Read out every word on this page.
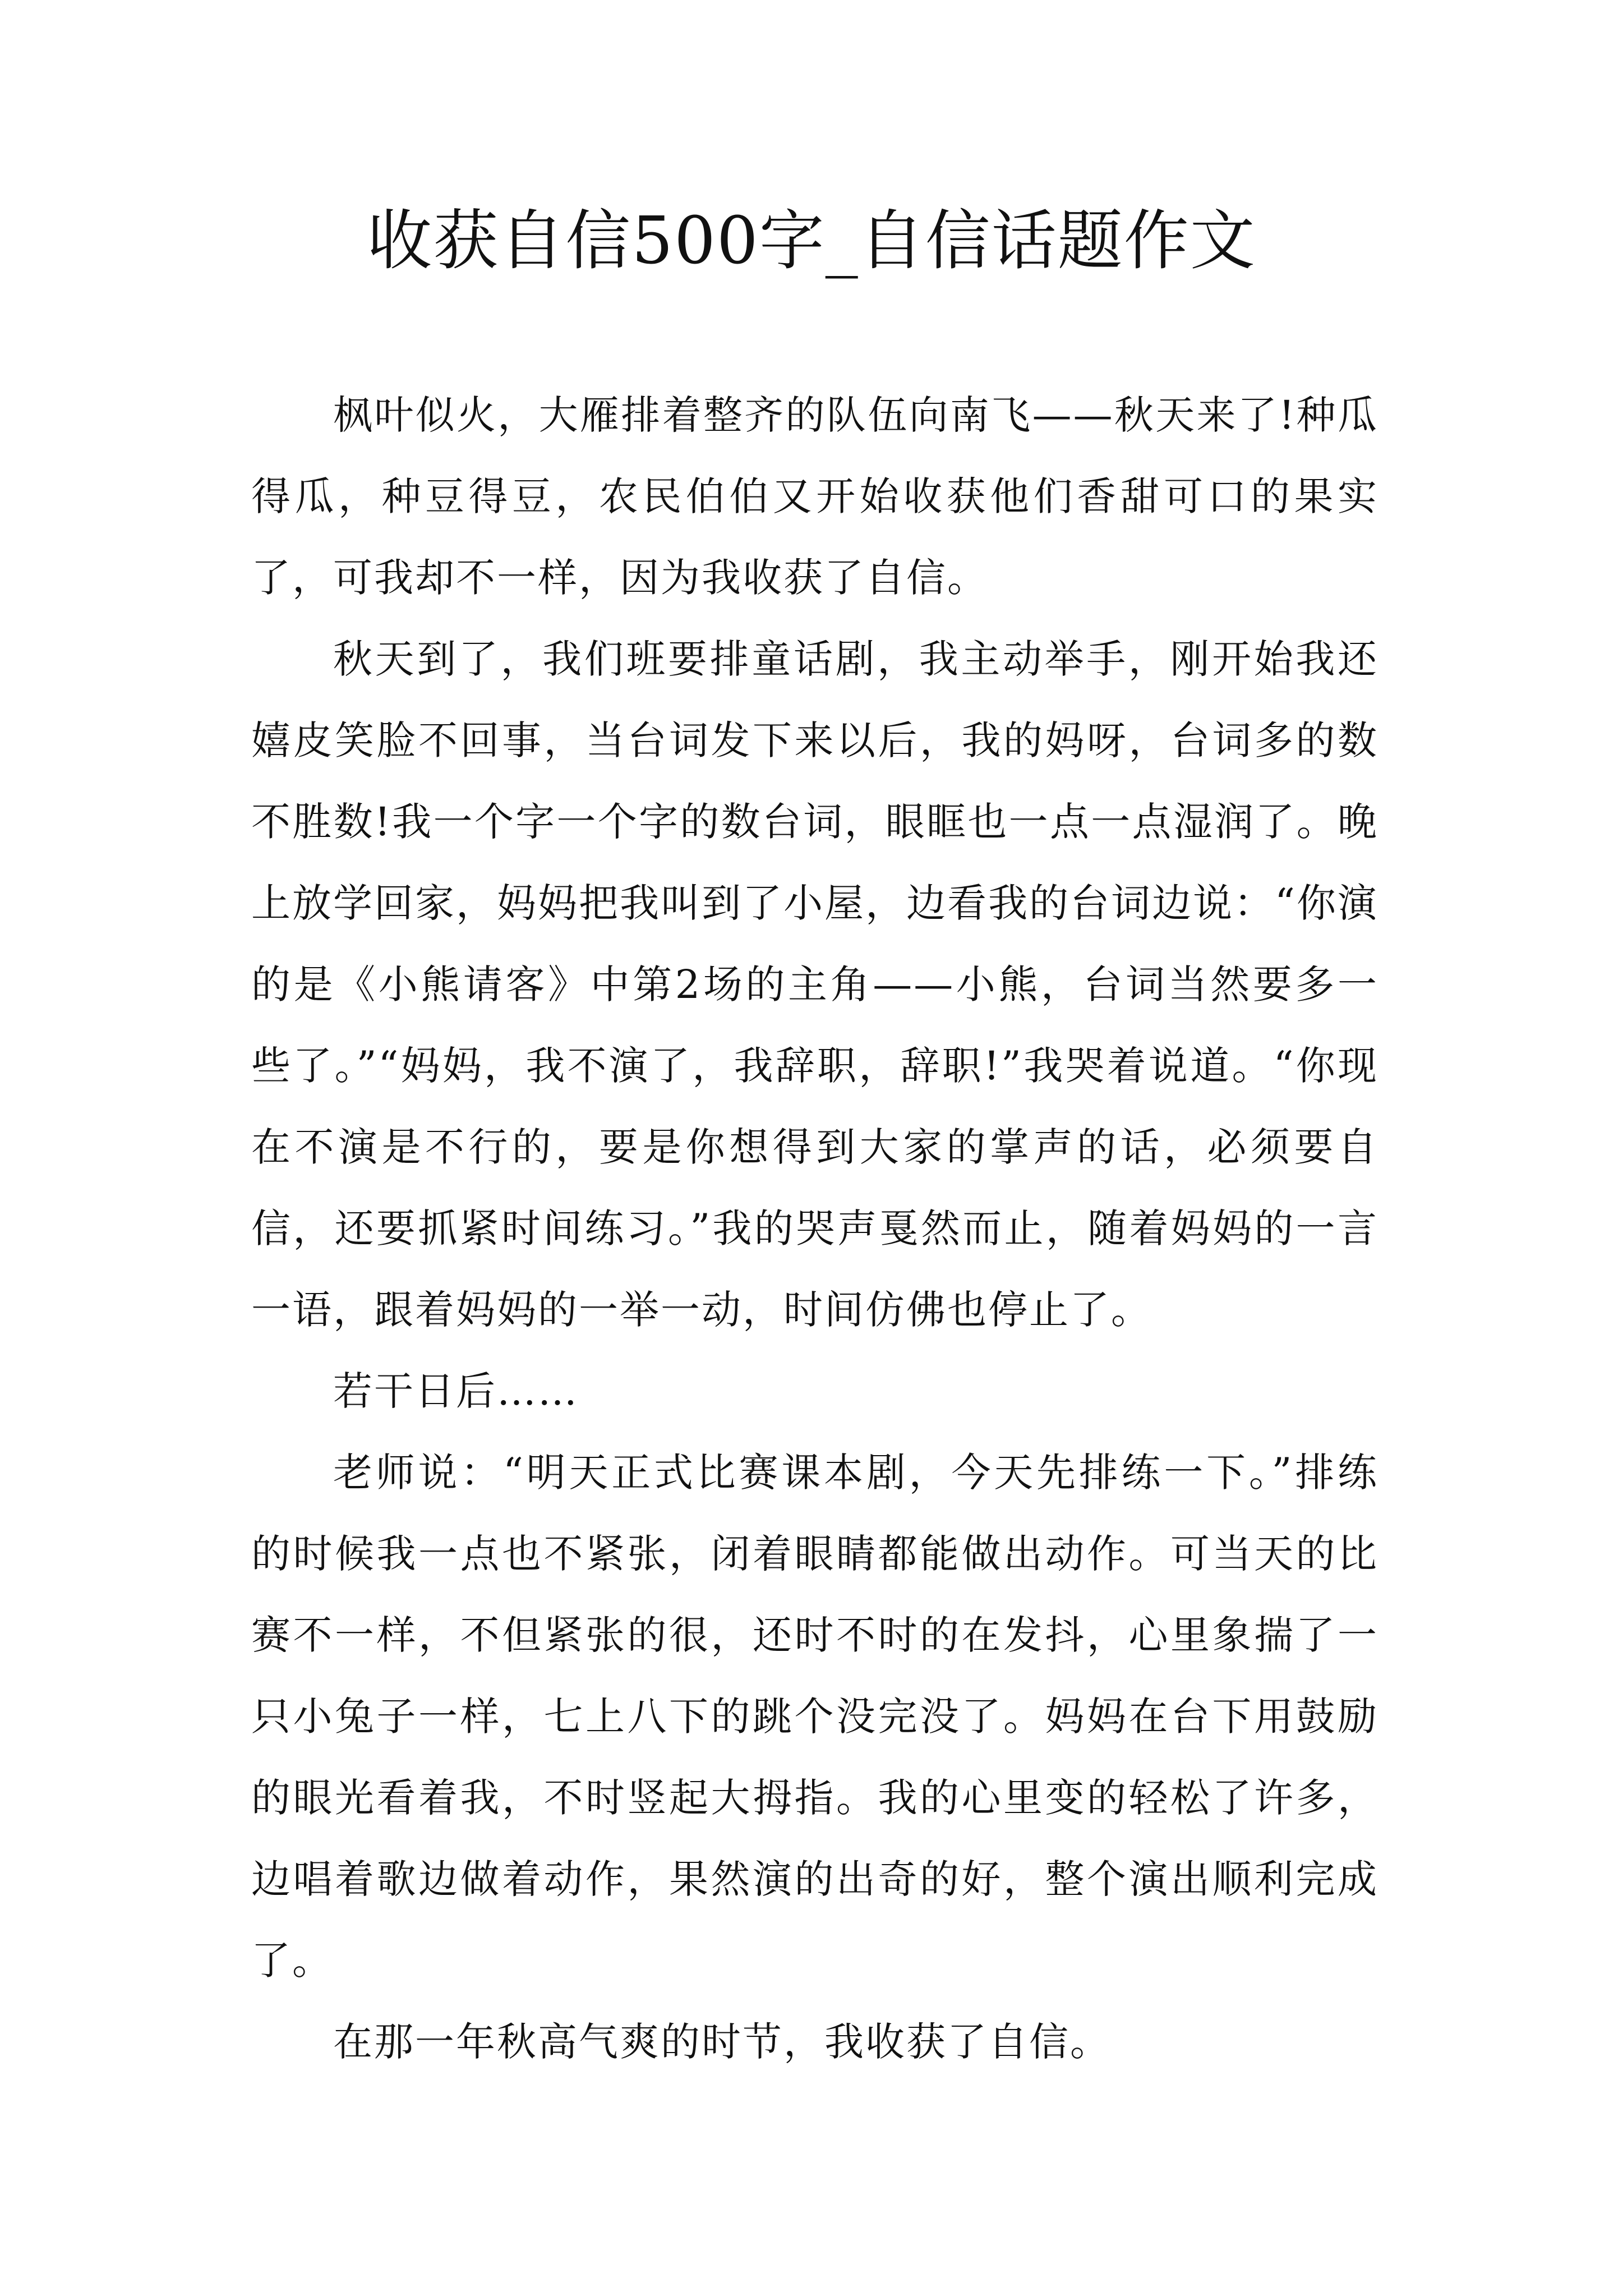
收获自信500字_自信话题作文

枫叶似火，大雁排着整齐的队伍向南飞——秋天来了!种瓜得瓜，种豆得豆，农民伯伯又开始收获他们香甜可口的果实了，可我却不一样，因为我收获了自信。

秋天到了，我们班要排童话剧，我主动举手，刚开始我还嬉皮笑脸不回事，当台词发下来以后，我的妈呀，台词多的数不胜数!我一个字一个字的数台词，眼眶也一点一点湿润了。晚上放学回家，妈妈把我叫到了小屋，边看我的台词边说：“你演的是《小熊请客》中第2场的主角——小熊，台词当然要多一些了。”“妈妈，我不演了，我辞职，辞职!”我哭着说道。“你现在不演是不行的，要是你想得到大家的掌声的话，必须要自信，还要抓紧时间练习。”我的哭声戛然而止，随着妈妈的一言一语，跟着妈妈的一举一动，时间仿佛也停止了。

若干日后……

老师说：“明天正式比赛课本剧，今天先排练一下。”排练的时候我一点也不紧张，闭着眼睛都能做出动作。可当天的比赛不一样，不但紧张的很，还时不时的在发抖，心里象揣了一只小兔子一样，七上八下的跳个没完没了。妈妈在台下用鼓励的眼光看着我，不时竖起大拇指。我的心里变的轻松了许多，边唱着歌边做着动作，果然演的出奇的好，整个演出顺利完成了。

在那一年秋高气爽的时节，我收获了自信。
